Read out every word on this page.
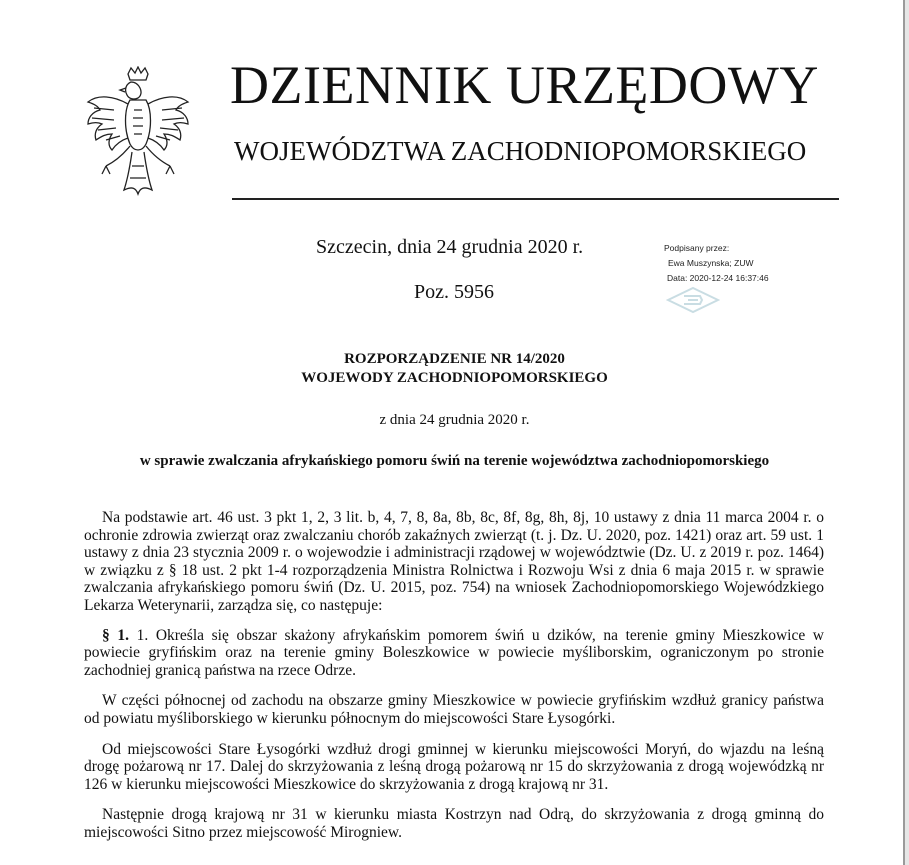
DZIENNIK URZĘDOWY
WOJEWÓDZTWA ZACHODNIOPOMORSKIEGO
Szczecin, dnia 24 grudnia 2020 r.
Poz. 5956
Podpisany przez:
Ewa Muszynska; ZUW
Data: 2020-12-24 16:37:46
ROZPORZĄDZENIE NR 14/2020
WOJEWODY ZACHODNIOPOMORSKIEGO
z dnia 24 grudnia 2020 r.
w sprawie zwalczania afrykańskiego pomoru świń na terenie województwa zachodniopomorskiego

Na podstawie art. 46 ust. 3 pkt 1, 2, 3 lit. b, 4, 7, 8, 8a, 8b, 8c, 8f, 8g, 8h, 8j, 10 ustawy z dnia 11 marca 2004 r. o ochronie zdrowia zwierząt oraz zwalczaniu chorób zakaźnych zwierząt (t. j. Dz. U. 2020, poz. 1421) oraz art. 59 ust. 1 ustawy z dnia 23 stycznia 2009 r. o wojewodzie i administracji rządowej w województwie (Dz. U. z 2019 r. poz. 1464) w związku z § 18 ust. 2 pkt 1-4 rozporządzenia Ministra Rolnictwa i Rozwoju Wsi z dnia 6 maja 2015 r. w sprawie zwalczania afrykańskiego pomoru świń (Dz. U. 2015, poz. 754) na wniosek Zachodniopomorskiego Wojewódzkiego Lekarza Weterynarii, zarządza się, co następuje:

§ 1. 1. Określa się obszar skażony afrykańskim pomorem świń u dzików, na terenie gminy Mieszkowice w powiecie gryfińskim oraz na terenie gminy Boleszkowice w powiecie myśliborskim, ograniczonym po stronie zachodniej granicą państwa na rzece Odrze.

W części północnej od zachodu na obszarze gminy Mieszkowice w powiecie gryfińskim wzdłuż granicy państwa od powiatu myśliborskiego w kierunku północnym do miejscowości Stare Łysogórki.

Od miejscowości Stare Łysogórki wzdłuż drogi gminnej w kierunku miejscowości Moryń, do wjazdu na leśną drogę pożarową nr 17. Dalej do skrzyżowania z leśną drogą pożarową nr 15 do skrzyżowania z drogą wojewódzką nr 126 w kierunku miejscowości Mieszkowice do skrzyżowania z drogą krajową nr 31.

Następnie drogą krajową nr 31 w kierunku miasta Kostrzyn nad Odrą, do skrzyżowania z drogą gminną do miejscowości Sitno przez miejscowość Mirogniew.
